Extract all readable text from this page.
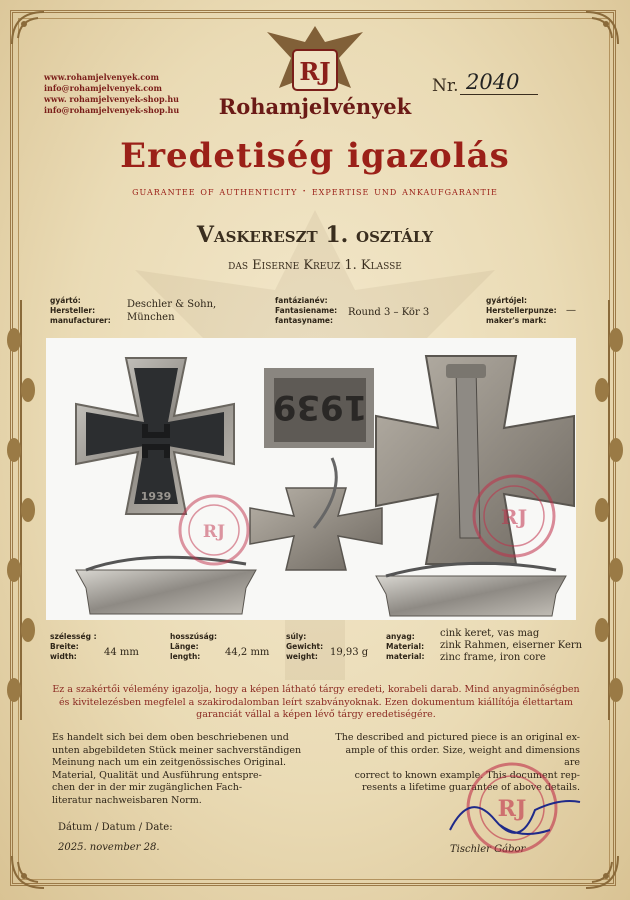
www.rohamjelvenyek.com
info@rohamjelvenyek.com
www. rohamjelvenyek-shop.hu
info@rohamjelvenyek-shop.hu
RJ
Rohamjelvények
Nr. 2040
Eredetiség igazolás
guarantee of authenticity · expertise und ankaufgarantie
Vaskereszt 1. osztály
das Eiserne Kreuz 1. Klasse
gyártó:
Hersteller:
manufacturer:
Deschler & Sohn,
München
fantázianév:
Fantasiename:
fantasyname:
Round 3 – Kör 3
gyártójel:
Herstellerpunze:
maker's mark:
—
1939
1939
RJ
RJ
szélesség :
Breite:
width:	44 mm
hosszúság:
Länge:
length:	44,2 mm
súly:
Gewicht:
weight:	19,93 g
anyag:
Material:
material:
cink keret, vas mag
zink Rahmen, eiserner Kern
zinc frame, iron core
Ez a szakértői vélemény igazolja, hogy a képen látható tárgy eredeti, korabeli darab. Mind anyagminőségben és kivitelezésben megfelel a szakirodalomban leírt szabványoknak. Ezen dokumentum kiállítója élettartam garanciát vállal a képen lévő tárgy eredetiségére.
Es handelt sich bei dem oben beschriebenen und
unten abgebildeten Stück meiner sachverständigen
Meinung nach um ein zeitgenössisches Original.
Material, Qualität und Ausführung entspre-
chen der in der mir zugänglichen Fach-
literatur nachweisbaren Norm.
The described and pictured piece is an original ex-
ample of this order. Size, weight and dimensions are
correct to known example. This document rep-
resents a lifetime guarantee of above details.
Dátum / Datum / Date:
2025. november 28.	Tischler Gábor
RJ
